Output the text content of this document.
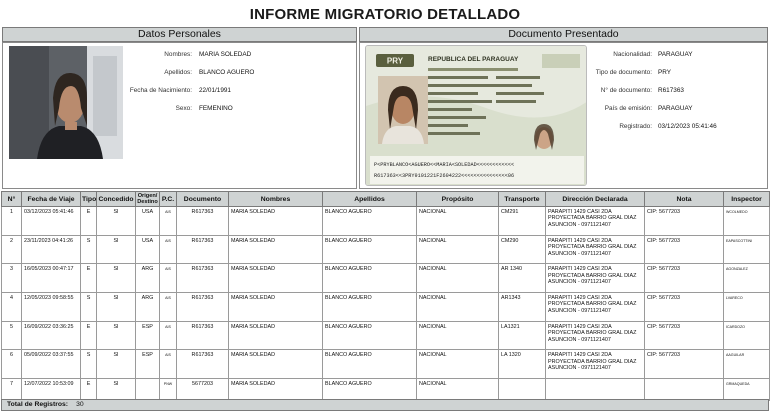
INFORME MIGRATORIO DETALLADO
Datos Personales	Documento Presentado
Nombres: MARIA SOLEDAD
Apellidos: BLANCO AGUERO
Fecha de Nacimiento: 22/01/1991
Sexo: FEMENINO
PRY	REPUBLICA DEL PARAGUAY
P<PRYBLANCO<AGUERO<<MARIA<SOLEDAD<<<<<<<<<<<<
R617363<<3PRY9101221F2604222<<<<<<<<<<<<<<<06
Nacionalidad: PARAGUAY
Tipo de documento: PRY
N° de documento: R617363
País de emisión: PARAGUAY
Registrado: 03/12/2023 05:41:46
N°	Fecha de Viaje	Tipo	Concedido	Origen/ Destino	P.C.	Documento	Nombres	Apellidos	Propósito	Transporte	Dirección Declarada	Nota	Inspector
1	03/12/2023 05:41:46	E	SI	USA	AIS	R617363	MARIA SOLEDAD	BLANCO AGUERO	NACIONAL	CM291	PARAPITI 1429 CASI 2DA PROYECTADA BARRIO GRAL DIAZ ASUNCION - 0971121407	CIP: 5677203	WCOLMEDO
2	23/11/2023 04:41:26	S	SI	USA	AIS	R617363	MARIA SOLEDAD	BLANCO AGUERO	NACIONAL	CM290	PARAPITI 1429 CASI 2DA PROYECTADA BARRIO GRAL DIAZ ASUNCION - 0971121407	CIP: 5677203	EAPASCOTTINI
3	16/05/2023 00:47:17	E	SI	ARG	AIS	R617363	MARIA SOLEDAD	BLANCO AGUERO	NACIONAL	AR 1340	PARAPITI 1429 CASI 2DA PROYECTADA BARRIO GRAL DIAZ ASUNCION - 0971121407	CIP: 5677203	AGONZALEZ
4	12/05/2023 09:58:55	S	SI	ARG	AIS	R617363	MARIA SOLEDAD	BLANCO AGUERO	NACIONAL	AR1343	PARAPITI 1429 CASI 2DA PROYECTADA BARRIO GRAL DIAZ ASUNCION - 0971121407	CIP: 5677203	LVARECO
5	16/09/2022 03:36:25	E	SI	ESP	AIS	R617363	MARIA SOLEDAD	BLANCO AGUERO	NACIONAL	LA1321	PARAPITI 1429 CASI 2DA PROYECTADA BARRIO GRAL DIAZ ASUNCION - 0971121407	CIP: 5677203	ICARDOZO
6	05/09/2022 03:37:55	S	SI	ESP	AIS	R617363	MARIA SOLEDAD	BLANCO AGUERO	NACIONAL	LA 1320	PARAPITI 1429 CASI 2DA PROYECTADA BARRIO GRAL DIAZ ASUNCION - 0971121407	CIP: 5677203	AAGUILAR
7	12/07/2022 10:53:09	E	SI		PNW	5677203	MARIA SOLEDAD	BLANCO AGUERO	NACIONAL				GRMAQUEDA
Total de Registros: 30
